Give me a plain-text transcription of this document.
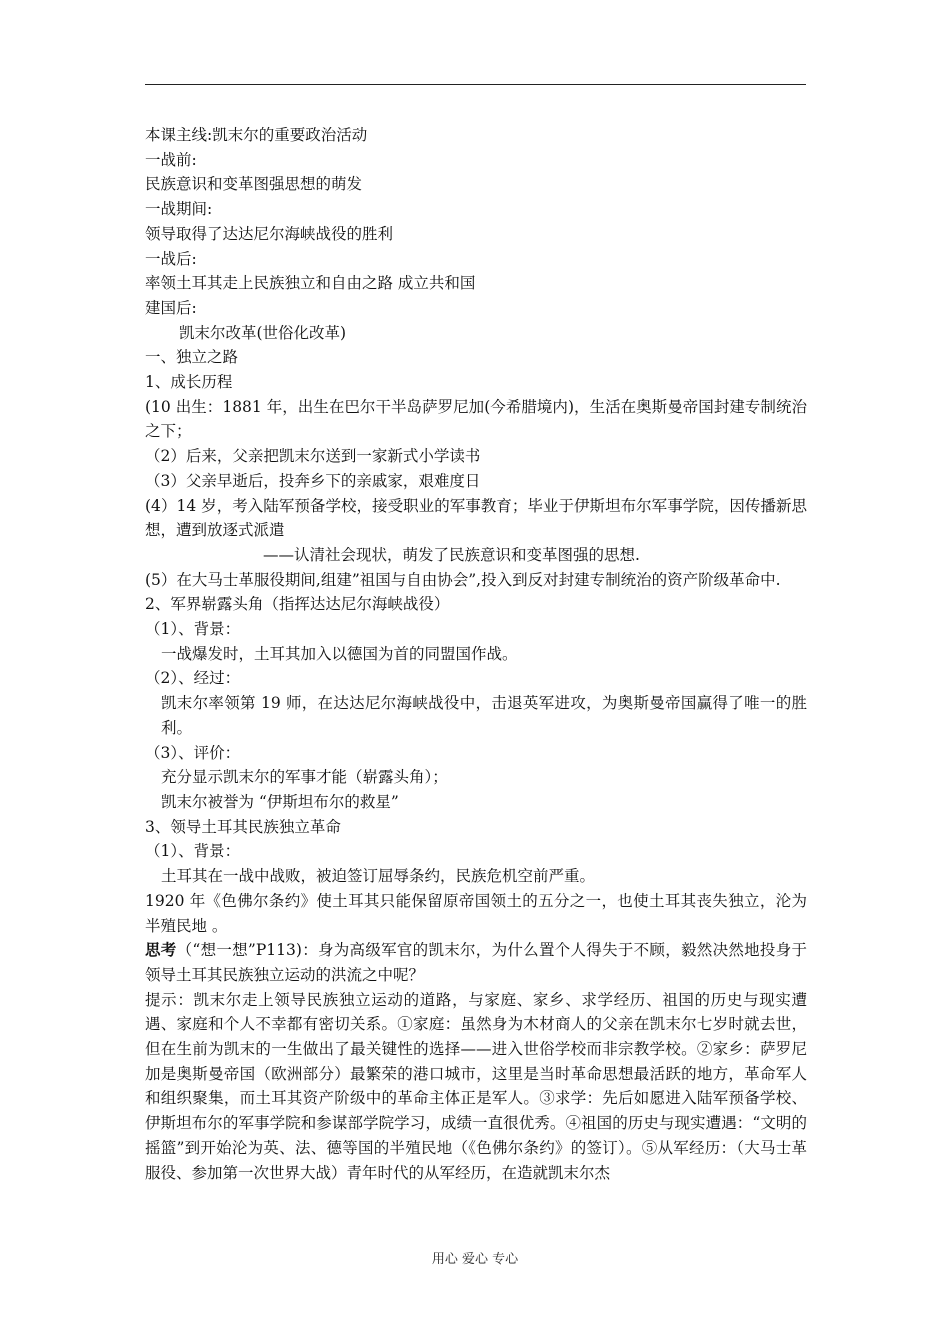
本课主线:凯末尔的重要政治活动

一战前:

民族意识和变革图强思想的萌发

一战期间:

领导取得了达达尼尔海峡战役的胜利

一战后:

率领土耳其走上民族独立和自由之路 成立共和国

建国后:

凯末尔改革(世俗化改革)

一、独立之路

1、成长历程

(10 出生：1881 年，出生在巴尔干半岛萨罗尼加(今希腊境内)，生活在奥斯曼帝国封建专制统治之下；

（2）后来，父亲把凯末尔送到一家新式小学读书

（3）父亲早逝后，投奔乡下的亲戚家，艰难度日

(4）14 岁，考入陆军预备学校，接受职业的军事教育；毕业于伊斯坦布尔军事学院，因传播新思想，遭到放逐式派遣

——认清社会现状，萌发了民族意识和变革图强的思想.

(5）在大马士革服役期间,组建”祖国与自由协会”,投入到反对封建专制统治的资产阶级革命中.

2、军界崭露头角（指挥达达尼尔海峡战役）

（1）、背景：

一战爆发时，土耳其加入以德国为首的同盟国作战。

（2）、经过：

凯末尔率领第 19 师，在达达尼尔海峡战役中，击退英军进攻，为奥斯曼帝国赢得了唯一的胜利。

（3）、评价：

充分显示凯末尔的军事才能（崭露头角）；

凯末尔被誉为 “伊斯坦布尔的救星”

3、领导土耳其民族独立革命

（1）、背景：

土耳其在一战中战败，被迫签订屈辱条约，民族危机空前严重。

1920 年《色佛尔条约》使土耳其只能保留原帝国领土的五分之一，也使土耳其丧失独立，沦为半殖民地 。

思考（“想一想”P113)：身为高级军官的凯末尔，为什么置个人得失于不顾，毅然决然地投身于领导土耳其民族独立运动的洪流之中呢？

提示：凯末尔走上领导民族独立运动的道路，与家庭、家乡、求学经历、祖国的历史与现实遭遇、家庭和个人不幸都有密切关系。①家庭：虽然身为木材商人的父亲在凯末尔七岁时就去世，但在生前为凯末的一生做出了最关键性的选择——进入世俗学校而非宗教学校。②家乡：萨罗尼加是奥斯曼帝国（欧洲部分）最繁荣的港口城市，这里是当时革命思想最活跃的地方，革命军人和组织聚集，而土耳其资产阶级中的革命主体正是军人。③求学：先后如愿进入陆军预备学校、伊斯坦布尔的军事学院和参谋部学院学习，成绩一直很优秀。④祖国的历史与现实遭遇：“文明的摇篮”到开始沦为英、法、德等国的半殖民地（《色佛尔条约》的签订）。⑤从军经历：（大马士革服役、参加第一次世界大战）青年时代的从军经历，在造就凯末尔杰

用心 爱心 专心
